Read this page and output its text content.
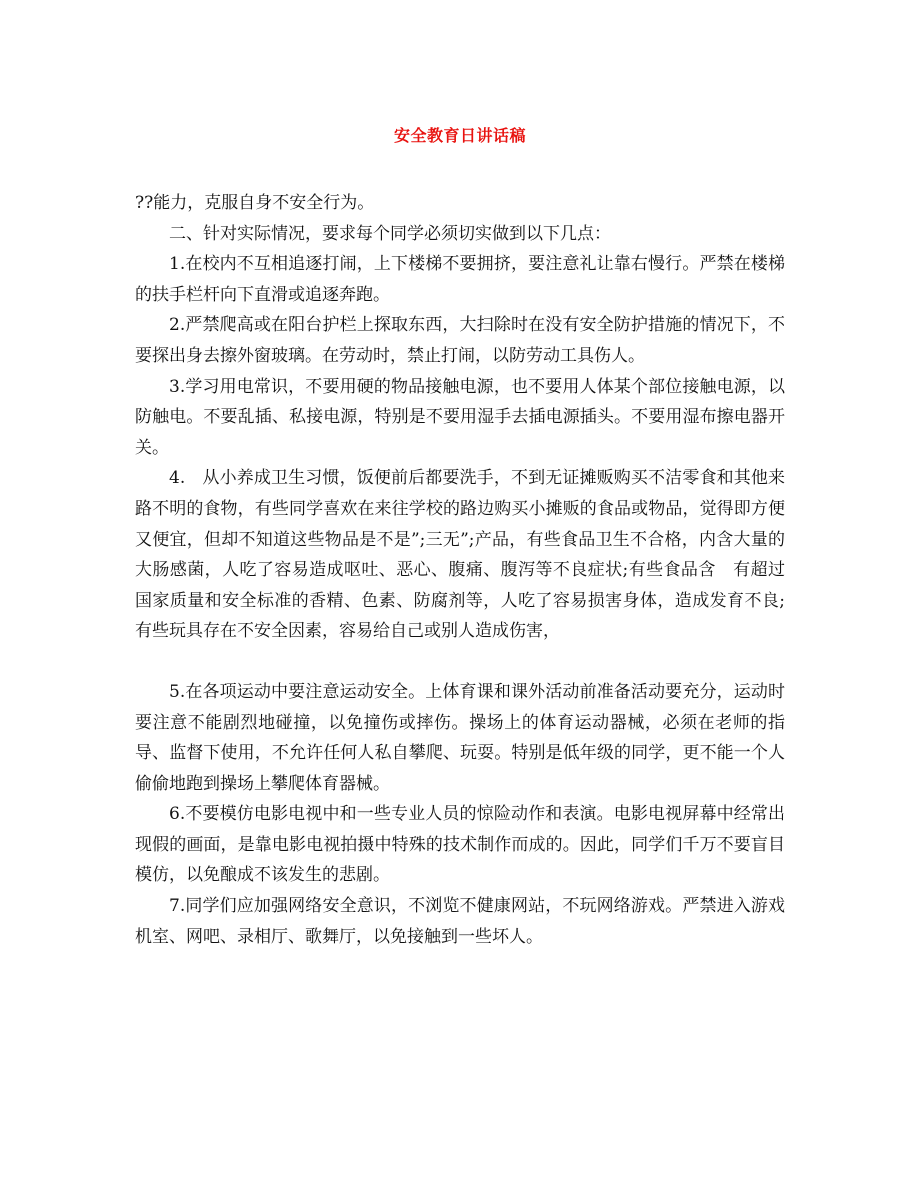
安全教育日讲话稿

??能力，克服自身不安全行为。

二、针对实际情况，要求每个同学必须切实做到以下几点：

1.在校内不互相追逐打闹，上下楼梯不要拥挤，要注意礼让靠右慢行。严禁在楼梯的扶手栏杆向下直滑或追逐奔跑。

2.严禁爬高或在阳台护栏上探取东西，大扫除时在没有安全防护措施的情况下，不要探出身去擦外窗玻璃。在劳动时，禁止打闹，以防劳动工具伤人。

3.学习用电常识，不要用硬的物品接触电源，也不要用人体某个部位接触电源，以防触电。不要乱插、私接电源，特别是不要用湿手去插电源插头。不要用湿布擦电器开关。

4.　从小养成卫生习惯，饭便前后都要洗手，不到无证摊贩购买不洁零食和其他来路不明的食物，有些同学喜欢在来往学校的路边购买小摊贩的食品或物品，觉得即方便　又便宜，但却不知道这些物品是不是”;三无”;产品，有些食品卫生不合格，内含大量的大肠感菌，人吃了容易造成呕吐、恶心、腹痛、腹泻等不良症状;有些食品含　有超过国家质量和安全标准的香精、色素、防腐剂等，人吃了容易损害身体，造成发育不良;有些玩具存在不安全因素，容易给自己或别人造成伤害，

5.在各项运动中要注意运动安全。上体育课和课外活动前准备活动要充分，运动时要注意不能剧烈地碰撞，以免撞伤或摔伤。操场上的体育运动器械，必须在老师的指导、监督下使用，不允许任何人私自攀爬、玩耍。特别是低年级的同学，更不能一个人偷偷地跑到操场上攀爬体育器械。

6.不要模仿电影电视中和一些专业人员的惊险动作和表演。电影电视屏幕中经常出现假的画面，是靠电影电视拍摄中特殊的技术制作而成的。因此，同学们千万不要盲目模仿，以免酿成不该发生的悲剧。

7.同学们应加强网络安全意识，不浏览不健康网站，不玩网络游戏。严禁进入游戏机室、网吧、录相厅、歌舞厅，以免接触到一些坏人。
